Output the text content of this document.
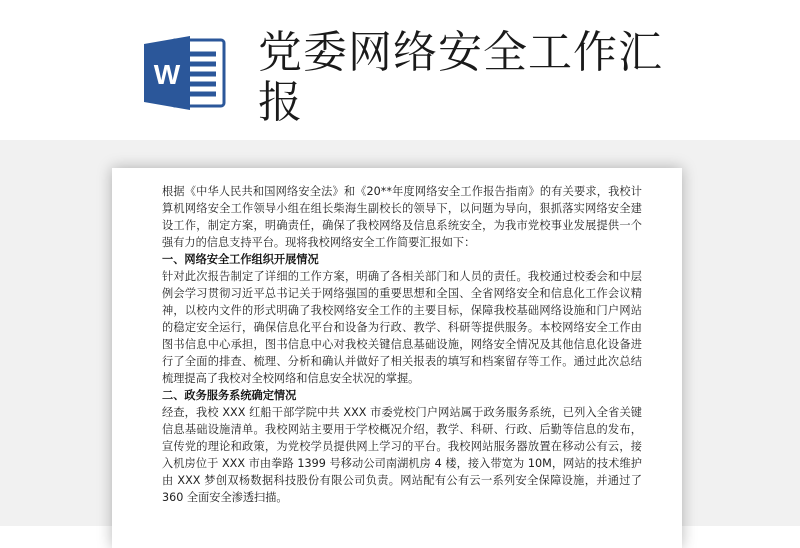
W 党委网络安全工作汇
报

根据《中华人民共和国网络安全法》和《20**年度网络安全工作报告指南》的有关要求，我校计算机网络安全工作领导小组在组长柴海生副校长的领导下，以问题为导向，狠抓落实网络安全建设工作，制定方案，明确责任，确保了我校网络及信息系统安全，为我市党校事业发展提供一个强有力的信息支持平台。现将我校网络安全工作简要汇报如下：

一、网络安全工作组织开展情况

针对此次报告制定了详细的工作方案，明确了各相关部门和人员的责任。我校通过校委会和中层例会学习贯彻习近平总书记关于网络强国的重要思想和全国、全省网络安全和信息化工作会议精神，以校内文件的形式明确了我校网络安全工作的主要目标，保障我校基础网络设施和门户网站的稳定安全运行，确保信息化平台和设备为行政、教学、科研等提供服务。本校网络安全工作由图书信息中心承担，图书信息中心对我校关键信息基础设施，网络安全情况及其他信息化设备进行了全面的排查、梳理、分析和确认并做好了相关报表的填写和档案留存等工作。通过此次总结梳理提高了我校对全校网络和信息安全状况的掌握。

二、政务服务系统确定情况

经查，我校 XXX 红船干部学院中共 XXX 市委党校门户网站属于政务服务系统，已列入全省关键信息基础设施清单。我校网站主要用于学校概况介绍，教学、科研、行政、后勤等信息的发布，宣传党的理论和政策，为党校学员提供网上学习的平台。我校网站服务器放置在移动公有云，接入机房位于 XXX 市由拳路 1399 号移动公司南湖机房 4 楼，接入带宽为 10M，网站的技术维护由 XXX 梦创双杨数据科技股份有限公司负责。网站配有公有云一系列安全保障设施，并通过了 360 全面安全渗透扫描。
